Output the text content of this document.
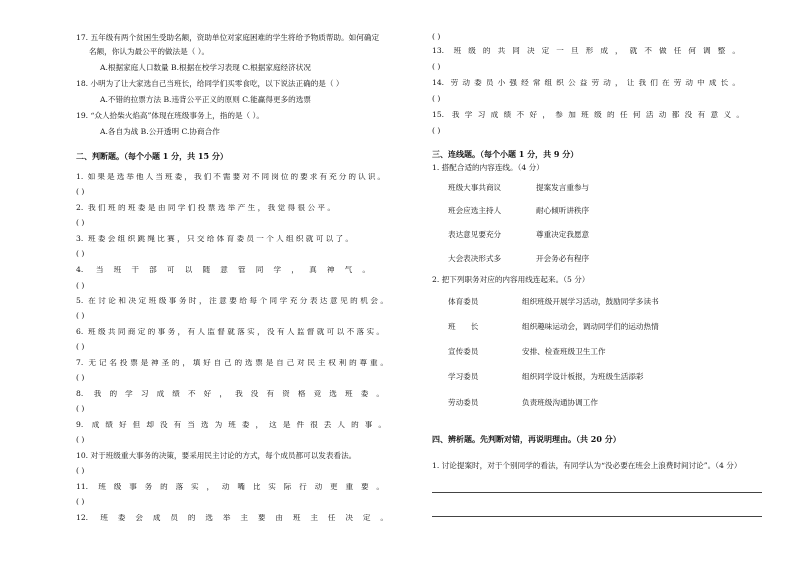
17. 五年级有两个贫困生受助名额，资助单位对家庭困难的学生将给予物质帮助。如何确定
名额，你认为最公平的做法是（ ）。
A.根据家庭人口数量 B.根据在校学习表现 C.根据家庭经济状况
18. 小明为了让大家选自己当班长，给同学们买零食吃，以下说法正确的是（ ）
A.不错的拉票方法 B.违背公平正义的原则 C.能赢得更多的选票
19. “众人拾柴火焰高”体现在班级事务上，指的是（ ）。
A.各自为战 B.公开透明 C.协商合作
二、判断题。（每个小题 1 分，共 15 分）
1. 如果是选举他人当班委，我们不需要对不同岗位的要求有充分的认识。
( )
2. 我们班的班委是由同学们投票选举产生，我觉得很公平。
( )
3. 班委会组织跳绳比赛，只交给体育委员一个人组织就可以了。
( )
4. 当班干部可以随意管同学，真神气。
( )
5. 在讨论和决定班级事务时，注意要给每个同学充分表达意见的机会。
( )
6. 班级共同商定的事务，有人监督就落实，没有人监督就可以不落实。
( )
7. 无记名投票是神圣的，填好自己的选票是自己对民主权利的尊重。
( )
8. 我的学习成绩不好，我没有资格竞选班委。
( )
9. 成绩好但却没有当选为班委，这是件很丢人的事。
( )
10. 对于班级重大事务的决策，要采用民主讨论的方式，每个成员都可以发表看法。
( )
11. 班级事务的落实，动嘴比实际行动更重要。
( )
12. 班委会成员的选举主要由班主任决定。
( )
13. 班级的共同决定一旦形成，就不做任何调整。
( )
14. 劳动委员小强经常组织公益劳动，让我们在劳动中成长。
( )
15. 我学习成绩不好，参加班级的任何活动都没有意义。
( )
三、连线题。（每个小题 1 分，共 9 分）
1. 搭配合适的内容连线。（4 分）
班级大事共商议	提案发言重参与
班会应选主持人	耐心倾听讲秩序
表达意见要充分	尊重决定我愿意
大会表决形式多	开会务必有程序
2. 把下列职务对应的内容用线连起来。（5 分）
体育委员	组织班级开展学习活动，鼓励同学多读书
班　　长	组织趣味运动会，调动同学们的运动热情
宣传委员	安排、检查班级卫生工作
学习委员	组织同学设计板报，为班级生活添彩
劳动委员	负责班级沟通协调工作
四、辨析题。先判断对错，再说明理由。（共 20 分）
1. 讨论提案时，对于个别同学的看法，有同学认为“没必要在班会上浪费时间讨论”。（4 分）
